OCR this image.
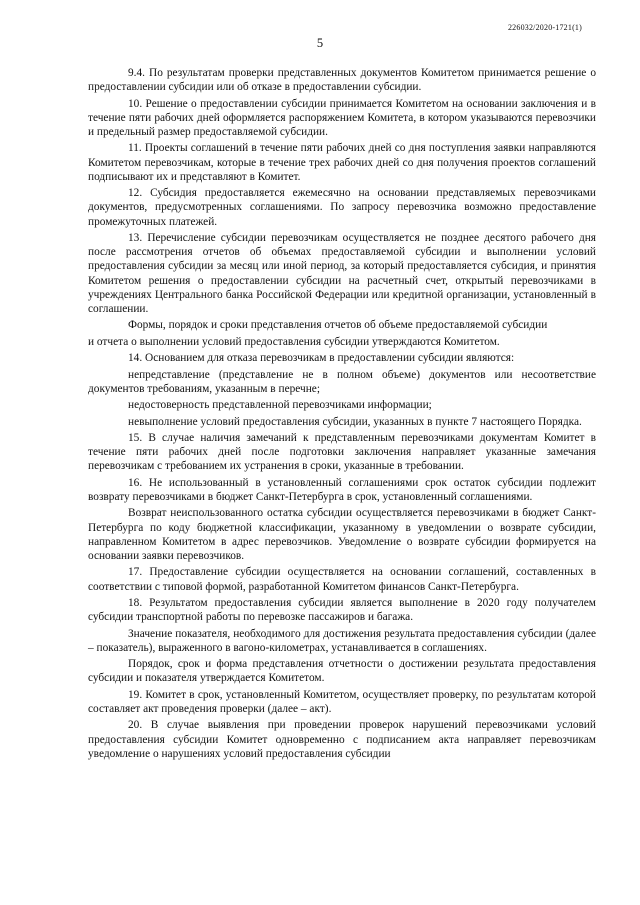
226032/2020-1721(1)
5

9.4. По результатам проверки представленных документов Комитетом принимается решение о предоставлении субсидии или об отказе в предоставлении субсидии.

10. Решение о предоставлении субсидии принимается Комитетом на основании заключения и в течение пяти рабочих дней оформляется распоряжением Комитета, в котором указываются перевозчики и предельный размер предоставляемой субсидии.

11. Проекты соглашений в течение пяти рабочих дней со дня поступления заявки направляются Комитетом перевозчикам, которые в течение трех рабочих дней со дня получения проектов соглашений подписывают их и представляют в Комитет.

12. Субсидия предоставляется ежемесячно на основании представляемых перевозчиками документов, предусмотренных соглашениями. По запросу перевозчика возможно предоставление промежуточных платежей.

13. Перечисление субсидии перевозчикам осуществляется не позднее десятого рабочего дня после рассмотрения отчетов об объемах предоставляемой субсидии и выполнении условий предоставления субсидии за месяц или иной период, за который предоставляется субсидия, и принятия Комитетом решения о предоставлении субсидии на расчетный счет, открытый перевозчиками в учреждениях Центрального банка Российской Федерации или кредитной организации, установленный в соглашении.

Формы, порядок и сроки представления отчетов об объеме предоставляемой субсидии

и отчета о выполнении условий предоставления субсидии утверждаются Комитетом.

14. Основанием для отказа перевозчикам в предоставлении субсидии являются:

непредставление (представление не в полном объеме) документов или несоответствие документов требованиям, указанным в перечне;

недостоверность представленной перевозчиками информации;

невыполнение условий предоставления субсидии, указанных в пункте 7 настоящего Порядка.

15. В случае наличия замечаний к представленным перевозчиками документам Комитет в течение пяти рабочих дней после подготовки заключения направляет указанные замечания перевозчикам с требованием их устранения в сроки, указанные в требовании.

16. Не использованный в установленный соглашениями срок остаток субсидии подлежит возврату перевозчиками в бюджет Санкт-Петербурга в срок, установленный соглашениями.

Возврат неиспользованного остатка субсидии осуществляется перевозчиками в бюджет Санкт-Петербурга по коду бюджетной классификации, указанному в уведомлении о возврате субсидии, направленном Комитетом в адрес перевозчиков. Уведомление о возврате субсидии формируется на основании заявки перевозчиков.

17. Предоставление субсидии осуществляется на основании соглашений, составленных в соответствии с типовой формой, разработанной Комитетом финансов Санкт-Петербурга.

18. Результатом предоставления субсидии является выполнение в 2020 году получателем субсидии транспортной работы по перевозке пассажиров и багажа.

Значение показателя, необходимого для достижения результата предоставления субсидии (далее – показатель), выраженного в вагоно-километрах, устанавливается в соглашениях.

Порядок, срок и форма представления отчетности о достижении результата предоставления субсидии и показателя утверждается Комитетом.

19. Комитет в срок, установленный Комитетом, осуществляет проверку, по результатам которой составляет акт проведения проверки (далее – акт).

20. В случае выявления при проведении проверок нарушений перевозчиками условий предоставления субсидии Комитет одновременно с подписанием акта направляет перевозчикам уведомление о нарушениях условий предоставления субсидии
